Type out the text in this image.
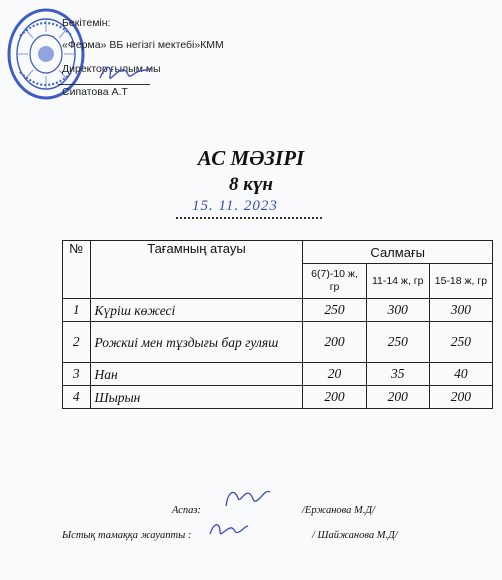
Бекітемін:
«Ферма» ВБ негізгі мектебі»КММ
Директор ғылым мы
Сипатова А.Т
АС МӘЗІРІ
8 күн
15. 11. 2023
№	Тағамның атауы	Салмағы		
		6(7)-10 ж, гр	11-14 ж, гр	15-18 ж, гр
1	Күріш көжесі	250	300	300
2	Рожкиі мен тұздығы бар гуляш	200	250	250
3	Нан	20	35	40
4	Шырын	200	200	200
Аспаз:	/Ержанова М.Д/
Ыстық тамаққа жауапты :	/ Шайжанова М.Д/
